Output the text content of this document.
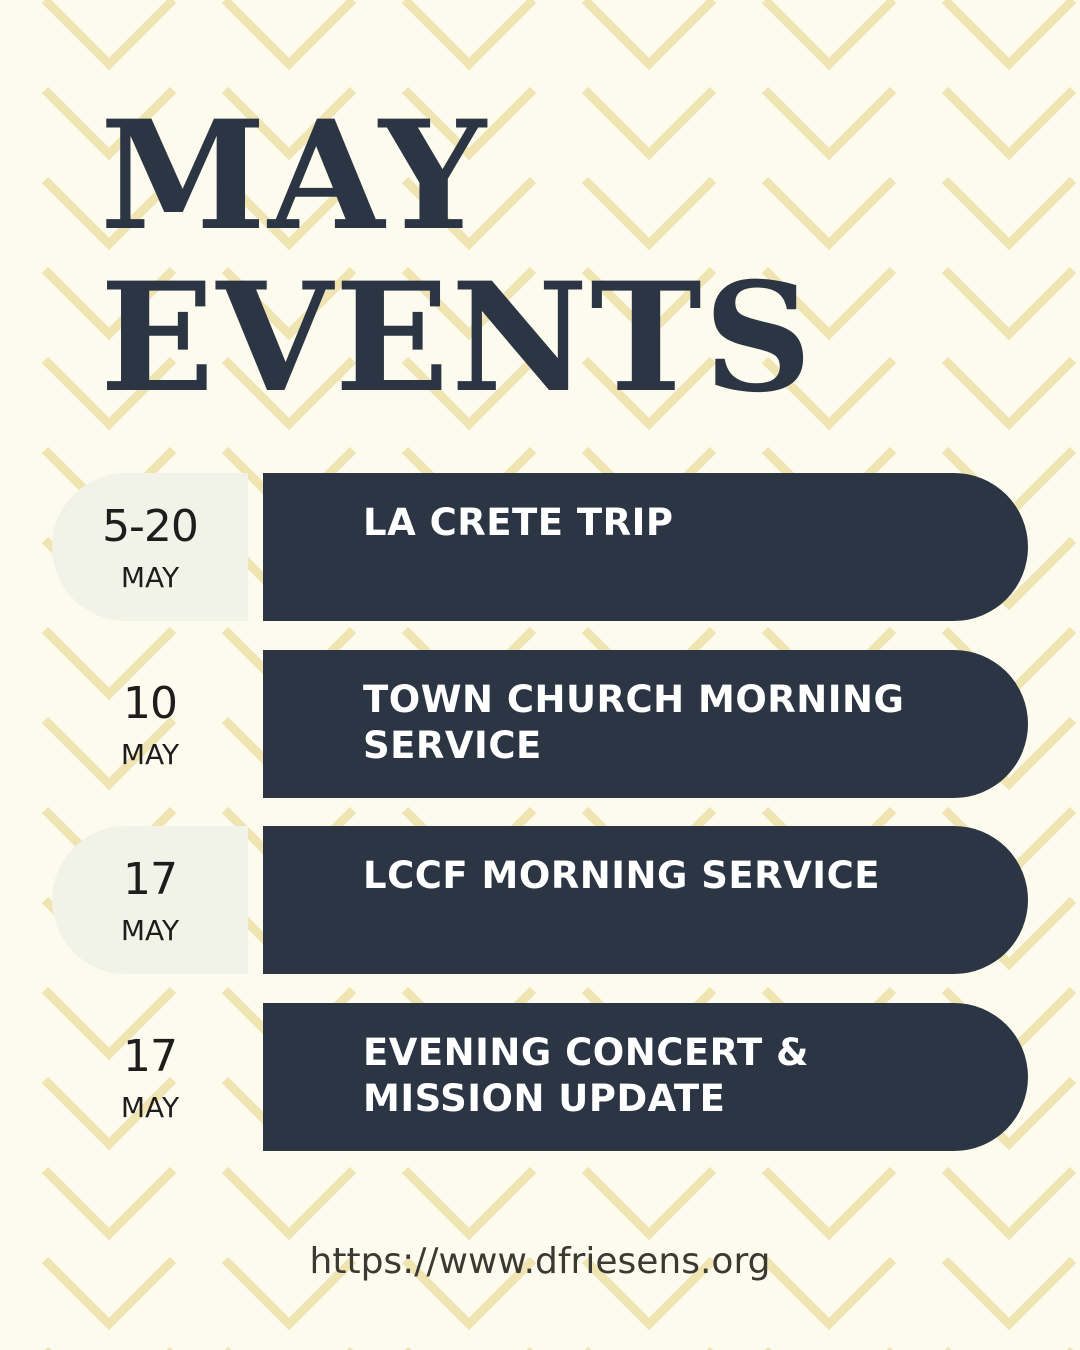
MAY
EVENTS
5-20
MAY
LA CRETE TRIP
10
MAY
TOWN CHURCH MORNING SERVICE
17
MAY
LCCF MORNING SERVICE
17
MAY
EVENING CONCERT & MISSION UPDATE
https://www.dfriesens.org
